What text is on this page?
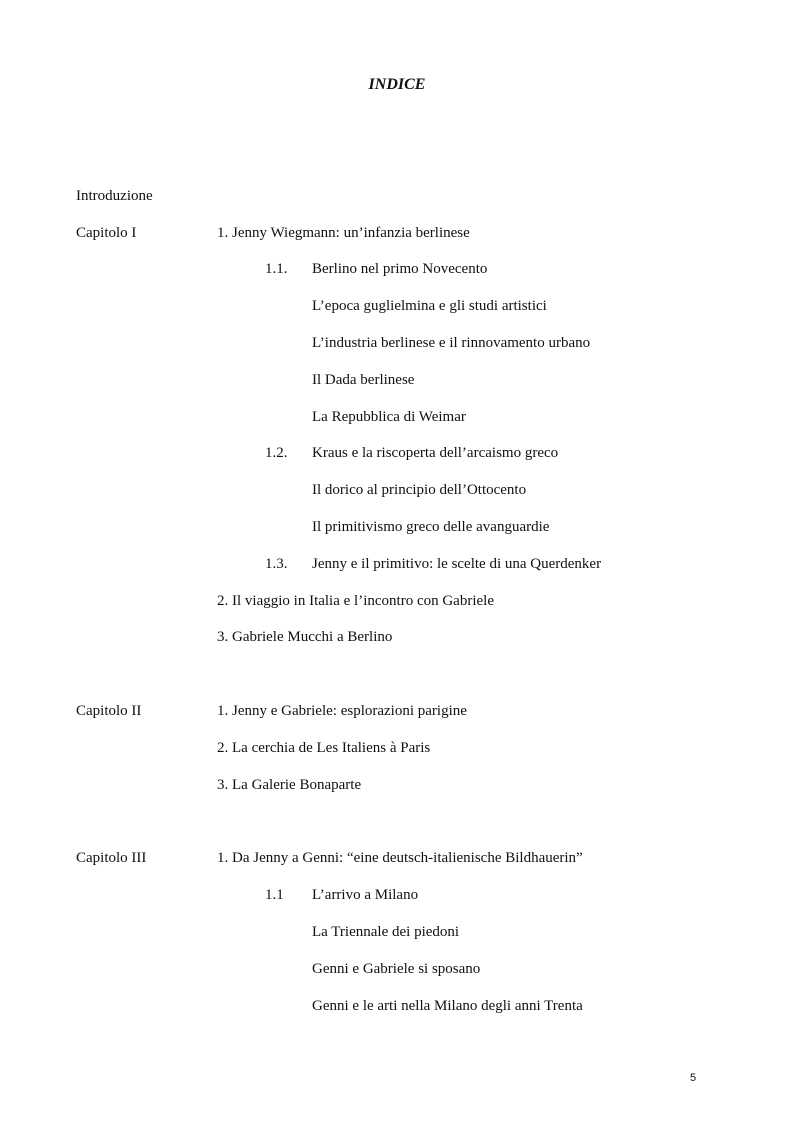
INDICE
Introduzione
Capitolo I	1. Jenny Wiegmann: un’infanzia berlinese
1.1. Berlino nel primo Novecento
L’epoca guglielmina e gli studi artistici
L’industria berlinese e il rinnovamento urbano
Il Dada berlinese
La Repubblica di Weimar
1.2. Kraus e la riscoperta dell’arcaismo greco
Il dorico al principio dell’Ottocento
Il primitivismo greco delle avanguardie
1.3. Jenny e il primitivo: le scelte di una Querdenker
2. Il viaggio in Italia e l’incontro con Gabriele
3. Gabriele Mucchi a Berlino
Capitolo II	1. Jenny e Gabriele: esplorazioni parigine
2. La cerchia de Les Italiens à Paris
3. La Galerie Bonaparte
Capitolo III	1. Da Jenny a Genni: “eine deutsch-italienische Bildhauerin”
1.1 L’arrivo a Milano
La Triennale dei piedoni
Genni e Gabriele si sposano
Genni e le arti nella Milano degli anni Trenta
5
